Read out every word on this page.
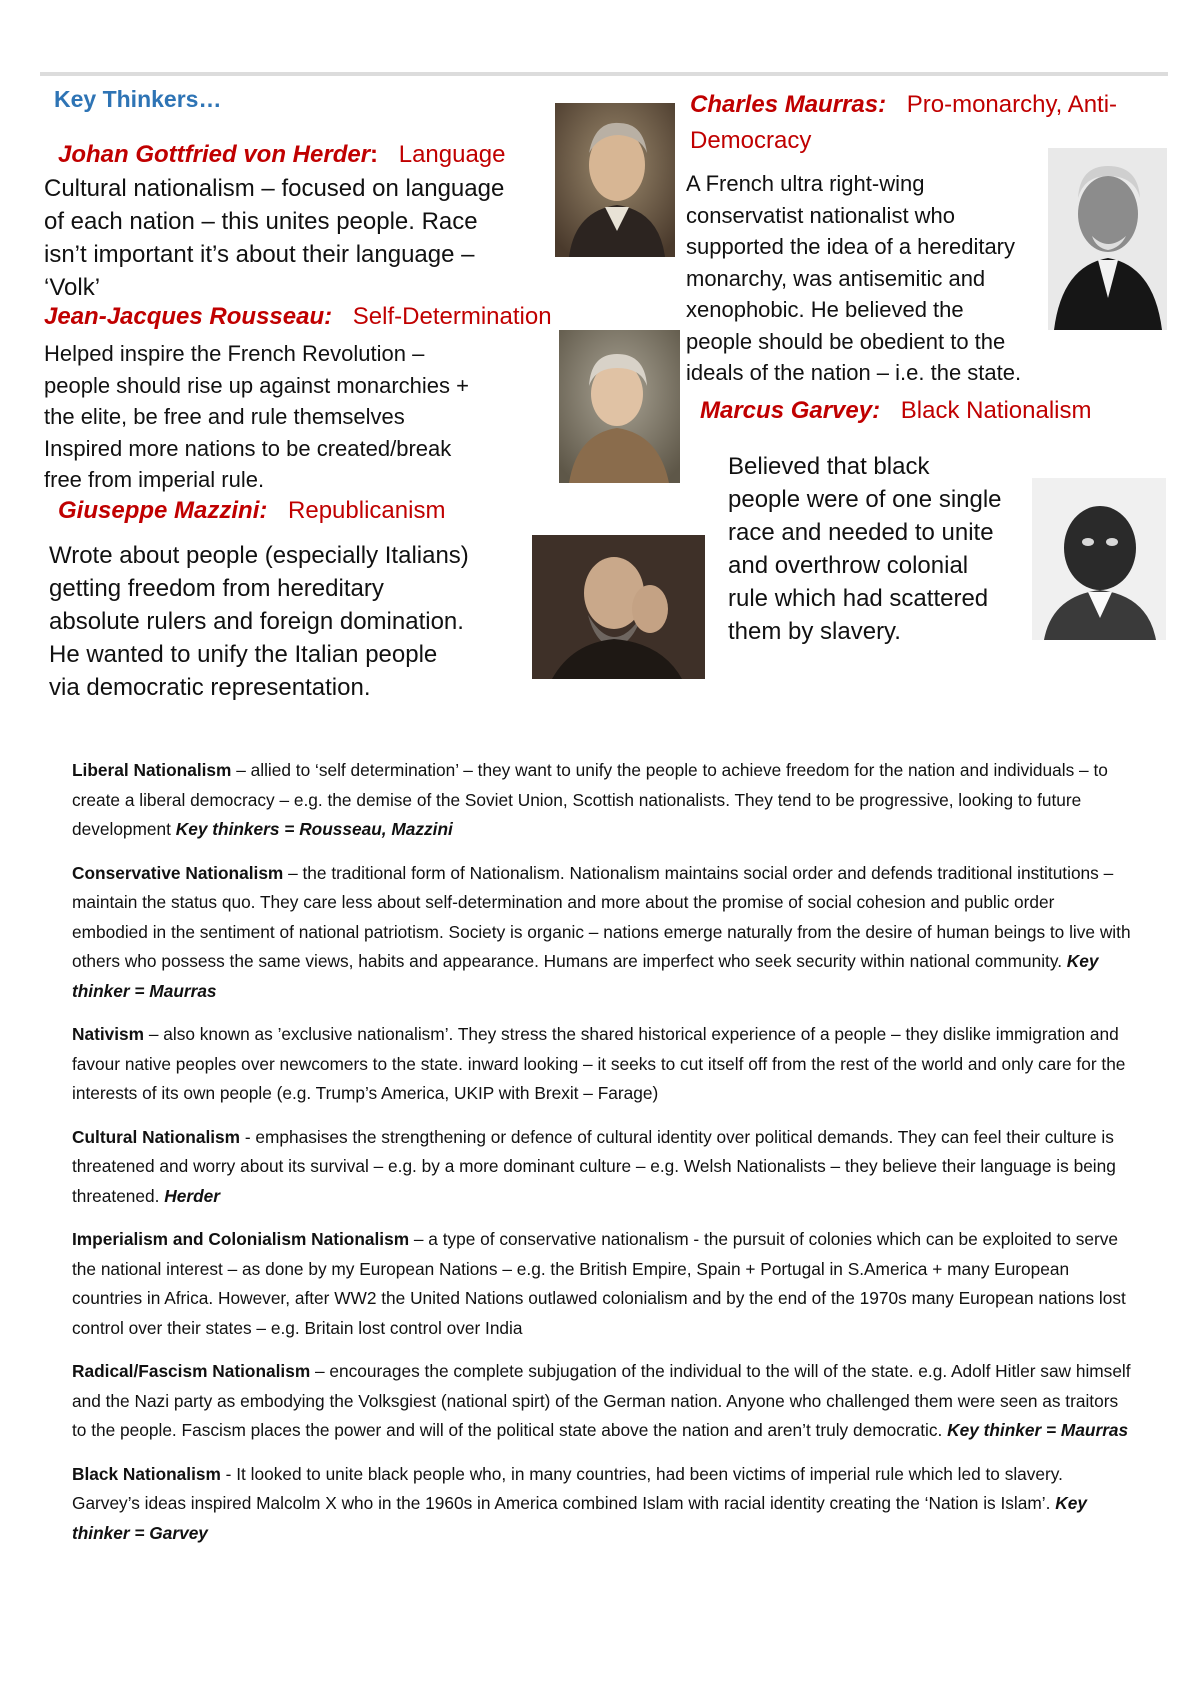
Key Thinkers…
Johan Gottfried von Herder: Language
Cultural nationalism – focused on language
of each nation – this unites people. Race
isn’t important it’s about their language –
‘Volk’
Jean-Jacques Rousseau: Self-Determination
Helped inspire the French Revolution –
people should rise up against monarchies +
the elite, be free and rule themselves
Inspired more nations to be created/break
free from imperial rule.
Giuseppe Mazzini: Republicanism
Wrote about people (especially Italians)
getting freedom from hereditary
absolute rulers and foreign domination.
He wanted to unify the Italian people
via democratic representation.
Charles Maurras: Pro-monarchy, Anti-
Democracy
A French ultra right-wing
conservatist nationalist who
supported the idea of a hereditary
monarchy, was antisemitic and
xenophobic. He believed the
people should be obedient to the
ideals of the nation – i.e. the state.
Marcus Garvey: Black Nationalism
Believed that black
people were of one single
race and needed to unite
and overthrow colonial
rule which had scattered
them by slavery.

Liberal Nationalism – allied to ‘self determination’ – they want to unify the people to achieve freedom for the nation and individuals – to create a liberal democracy – e.g. the demise of the Soviet Union, Scottish nationalists. They tend to be progressive, looking to future development Key thinkers = Rousseau, Mazzini

Conservative Nationalism – the traditional form of Nationalism. Nationalism maintains social order and defends traditional institutions – maintain the status quo. They care less about self-determination and more about the promise of social cohesion and public order embodied in the sentiment of national patriotism. Society is organic – nations emerge naturally from the desire of human beings to live with others who possess the same views, habits and appearance. Humans are imperfect who seek security within national community. Key thinker = Maurras

Nativism – also known as ’exclusive nationalism’. They stress the shared historical experience of a people – they dislike immigration and favour native peoples over newcomers to the state. inward looking – it seeks to cut itself off from the rest of the world and only care for the interests of its own people (e.g. Trump’s America, UKIP with Brexit – Farage)

Cultural Nationalism - emphasises the strengthening or defence of cultural identity over political demands. They can feel their culture is threatened and worry about its survival – e.g. by a more dominant culture – e.g. Welsh Nationalists – they believe their language is being threatened. Herder

Imperialism and Colonialism Nationalism – a type of conservative nationalism - the pursuit of colonies which can be exploited to serve the national interest – as done by my European Nations – e.g. the British Empire, Spain + Portugal in S.America + many European countries in Africa. However, after WW2 the United Nations outlawed colonialism and by the end of the 1970s many European nations lost control over their states – e.g. Britain lost control over India

Radical/Fascism Nationalism – encourages the complete subjugation of the individual to the will of the state. e.g. Adolf Hitler saw himself and the Nazi party as embodying the Volksgiest (national spirt) of the German nation. Anyone who challenged them were seen as traitors to the people. Fascism places the power and will of the political state above the nation and aren’t truly democratic. Key thinker = Maurras

Black Nationalism - It looked to unite black people who, in many countries, had been victims of imperial rule which led to slavery. Garvey’s ideas inspired Malcolm X who in the 1960s in America combined Islam with racial identity creating the ‘Nation is Islam’. Key thinker = Garvey
